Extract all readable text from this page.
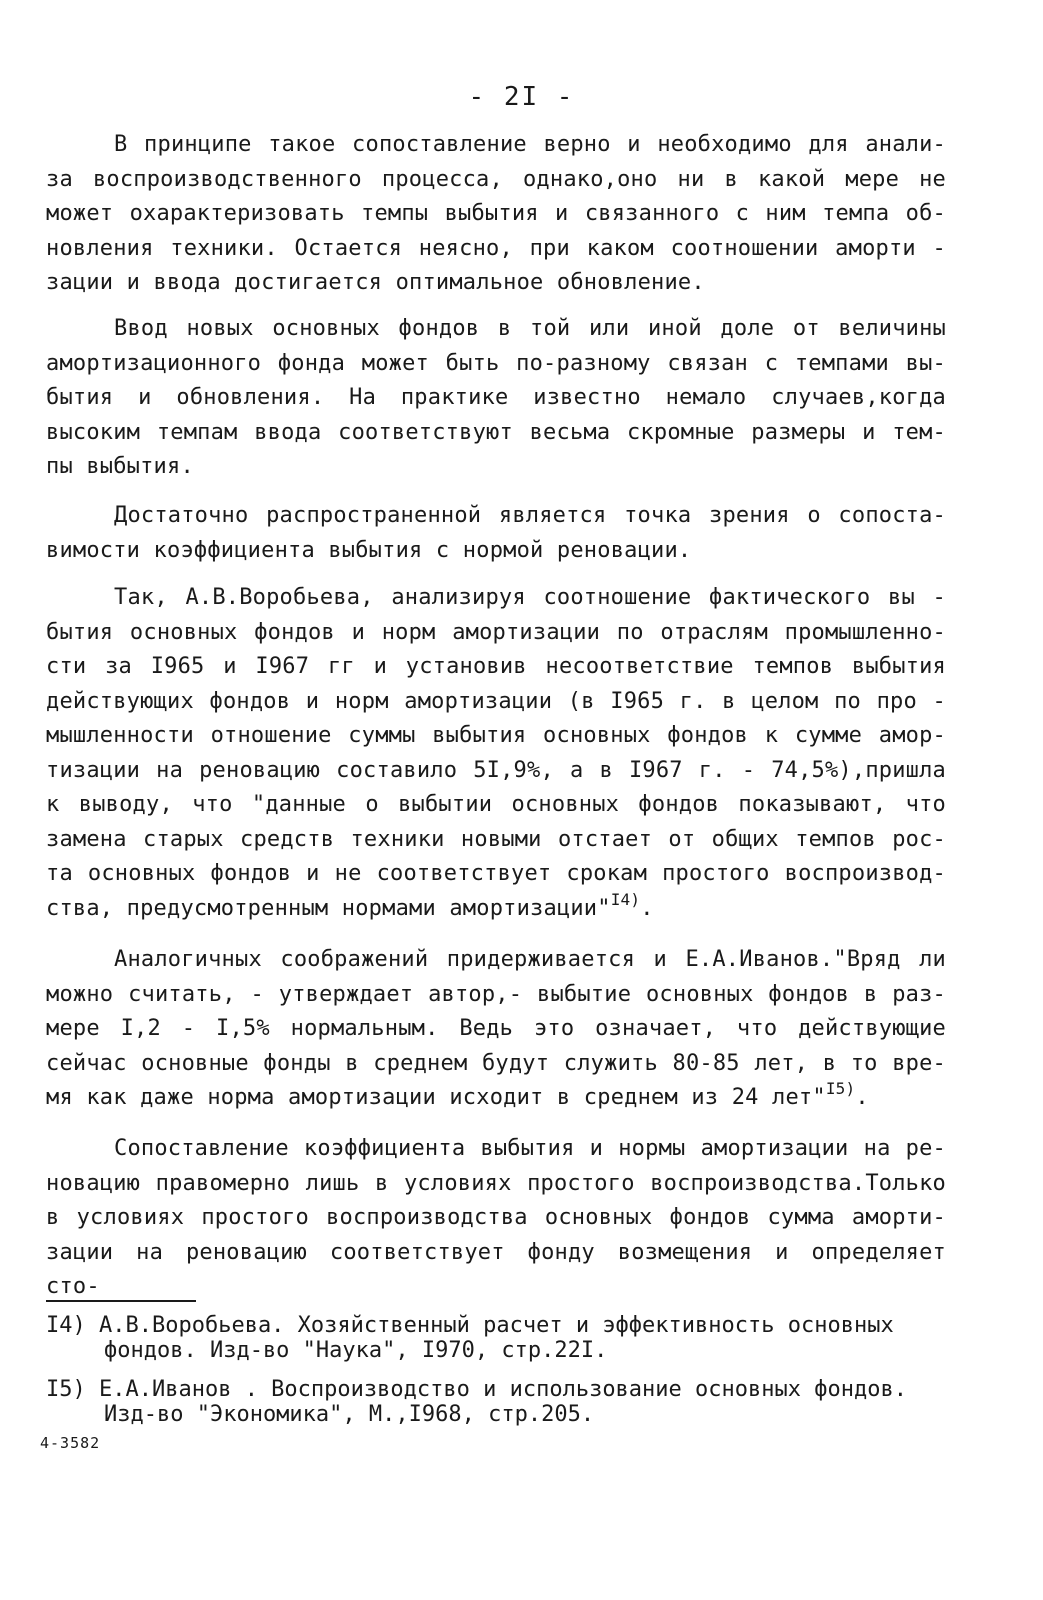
- 2I -
В принципе такое сопоставление верно и необходимо для анали-
за воспроизводственного процесса, однако,оно ни в какой мере не
может охарактеризовать темпы выбытия и связанного с ним темпа об-
новления техники. Остается неясно, при каком соотношении аморти -
зации и ввода достигается оптимальное обновление.
Ввод новых основных фондов в той или иной доле от величины
амортизационного фонда может быть по-разному связан с темпами вы-
бытия и обновления. На практике известно немало случаев,когда
высоким темпам ввода соответствуют весьма скромные размеры и тем-
пы выбытия.
Достаточно распространенной является точка зрения о сопоста-
вимости коэффициента выбытия с нормой реновации.
Так, А.В.Воробьева, анализируя соотношение фактического вы -
бытия основных фондов и норм амортизации по отраслям промышленно-
сти за I965 и I967 гг и установив несоответствие темпов выбытия
действующих фондов и норм амортизации (в I965 г. в целом по про -
мышленности отношение суммы выбытия основных фондов к сумме амор-
тизации на реновацию составило 5I,9%, а в I967 г. - 74,5%),пришла
к выводу, что "данные о выбытии основных фондов показывают, что
замена старых средств техники новыми отстает от общих темпов рос-
та основных фондов и не соответствует срокам простого воспроизвод-
ства, предусмотренным нормами амортизации"$^{I4)}$.
Аналогичных соображений придерживается и Е.А.Иванов."Вряд ли
можно считать, - утверждает автор,- выбытие основных фондов в раз-
мере I,2 - I,5% нормальным. Ведь это означает, что действующие
сейчас основные фонды в среднем будут служить 80-85 лет, в то вре-
мя как даже норма амортизации исходит в среднем из 24 лет"$^{I5)}$.
Сопоставление коэффициента выбытия и нормы амортизации на ре-
новацию правомерно лишь в условиях простого воспроизводства.Только
в условиях простого воспроизводства основных фондов сумма аморти-
зации на реновацию соответствует фонду возмещения и определяет сто-
I4) А.В.Воробьева. Хозяйственный расчет и эффективность основных
фондов. Изд-во "Наука", I970, стр.22I.
I5) Е.А.Иванов . Воспроизводство и использование основных фондов.
Изд-во "Экономика", М.,I968, стр.205.
4-3582
